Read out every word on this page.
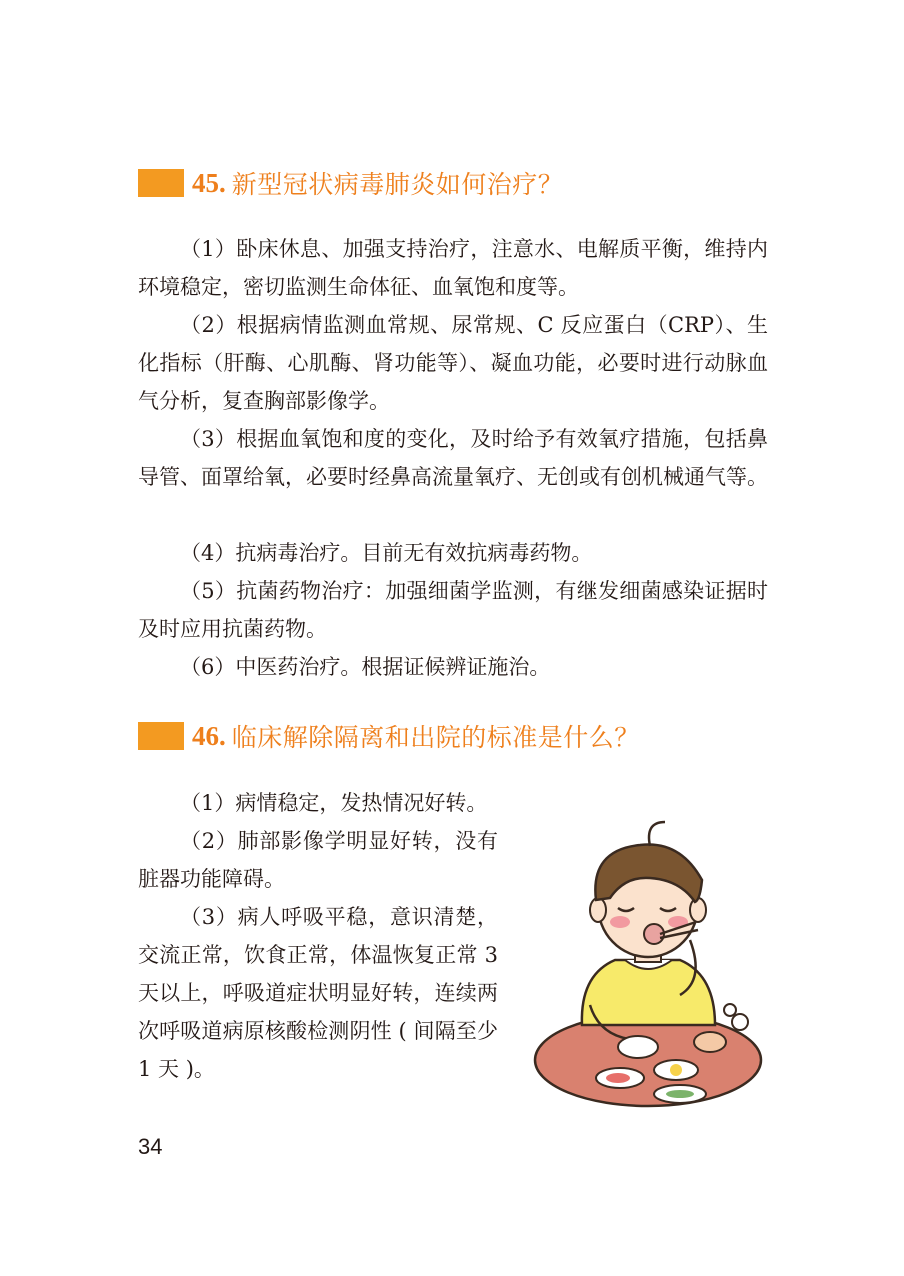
45. 新型冠状病毒肺炎如何治疗？

（1）卧床休息、加强支持治疗，注意水、电解质平衡，维持内环境稳定，密切监测生命体征、血氧饱和度等。

（2）根据病情监测血常规、尿常规、C 反应蛋白（CRP）、生化指标（肝酶、心肌酶、肾功能等）、凝血功能，必要时进行动脉血气分析，复查胸部影像学。

（3）根据血氧饱和度的变化，及时给予有效氧疗措施，包括鼻导管、面罩给氧，必要时经鼻高流量氧疗、无创或有创机械通气等。

（4）抗病毒治疗。目前无有效抗病毒药物。

（5）抗菌药物治疗：加强细菌学监测，有继发细菌感染证据时及时应用抗菌药物。

（6）中医药治疗。根据证候辨证施治。

46. 临床解除隔离和出院的标准是什么？

（1）病情稳定，发热情况好转。

（2）肺部影像学明显好转，没有脏器功能障碍。

（3）病人呼吸平稳，意识清楚，交流正常，饮食正常，体温恢复正常 3 天以上，呼吸道症状明显好转，连续两次呼吸道病原核酸检测阴性 ( 间隔至少 1 天 )。

34
